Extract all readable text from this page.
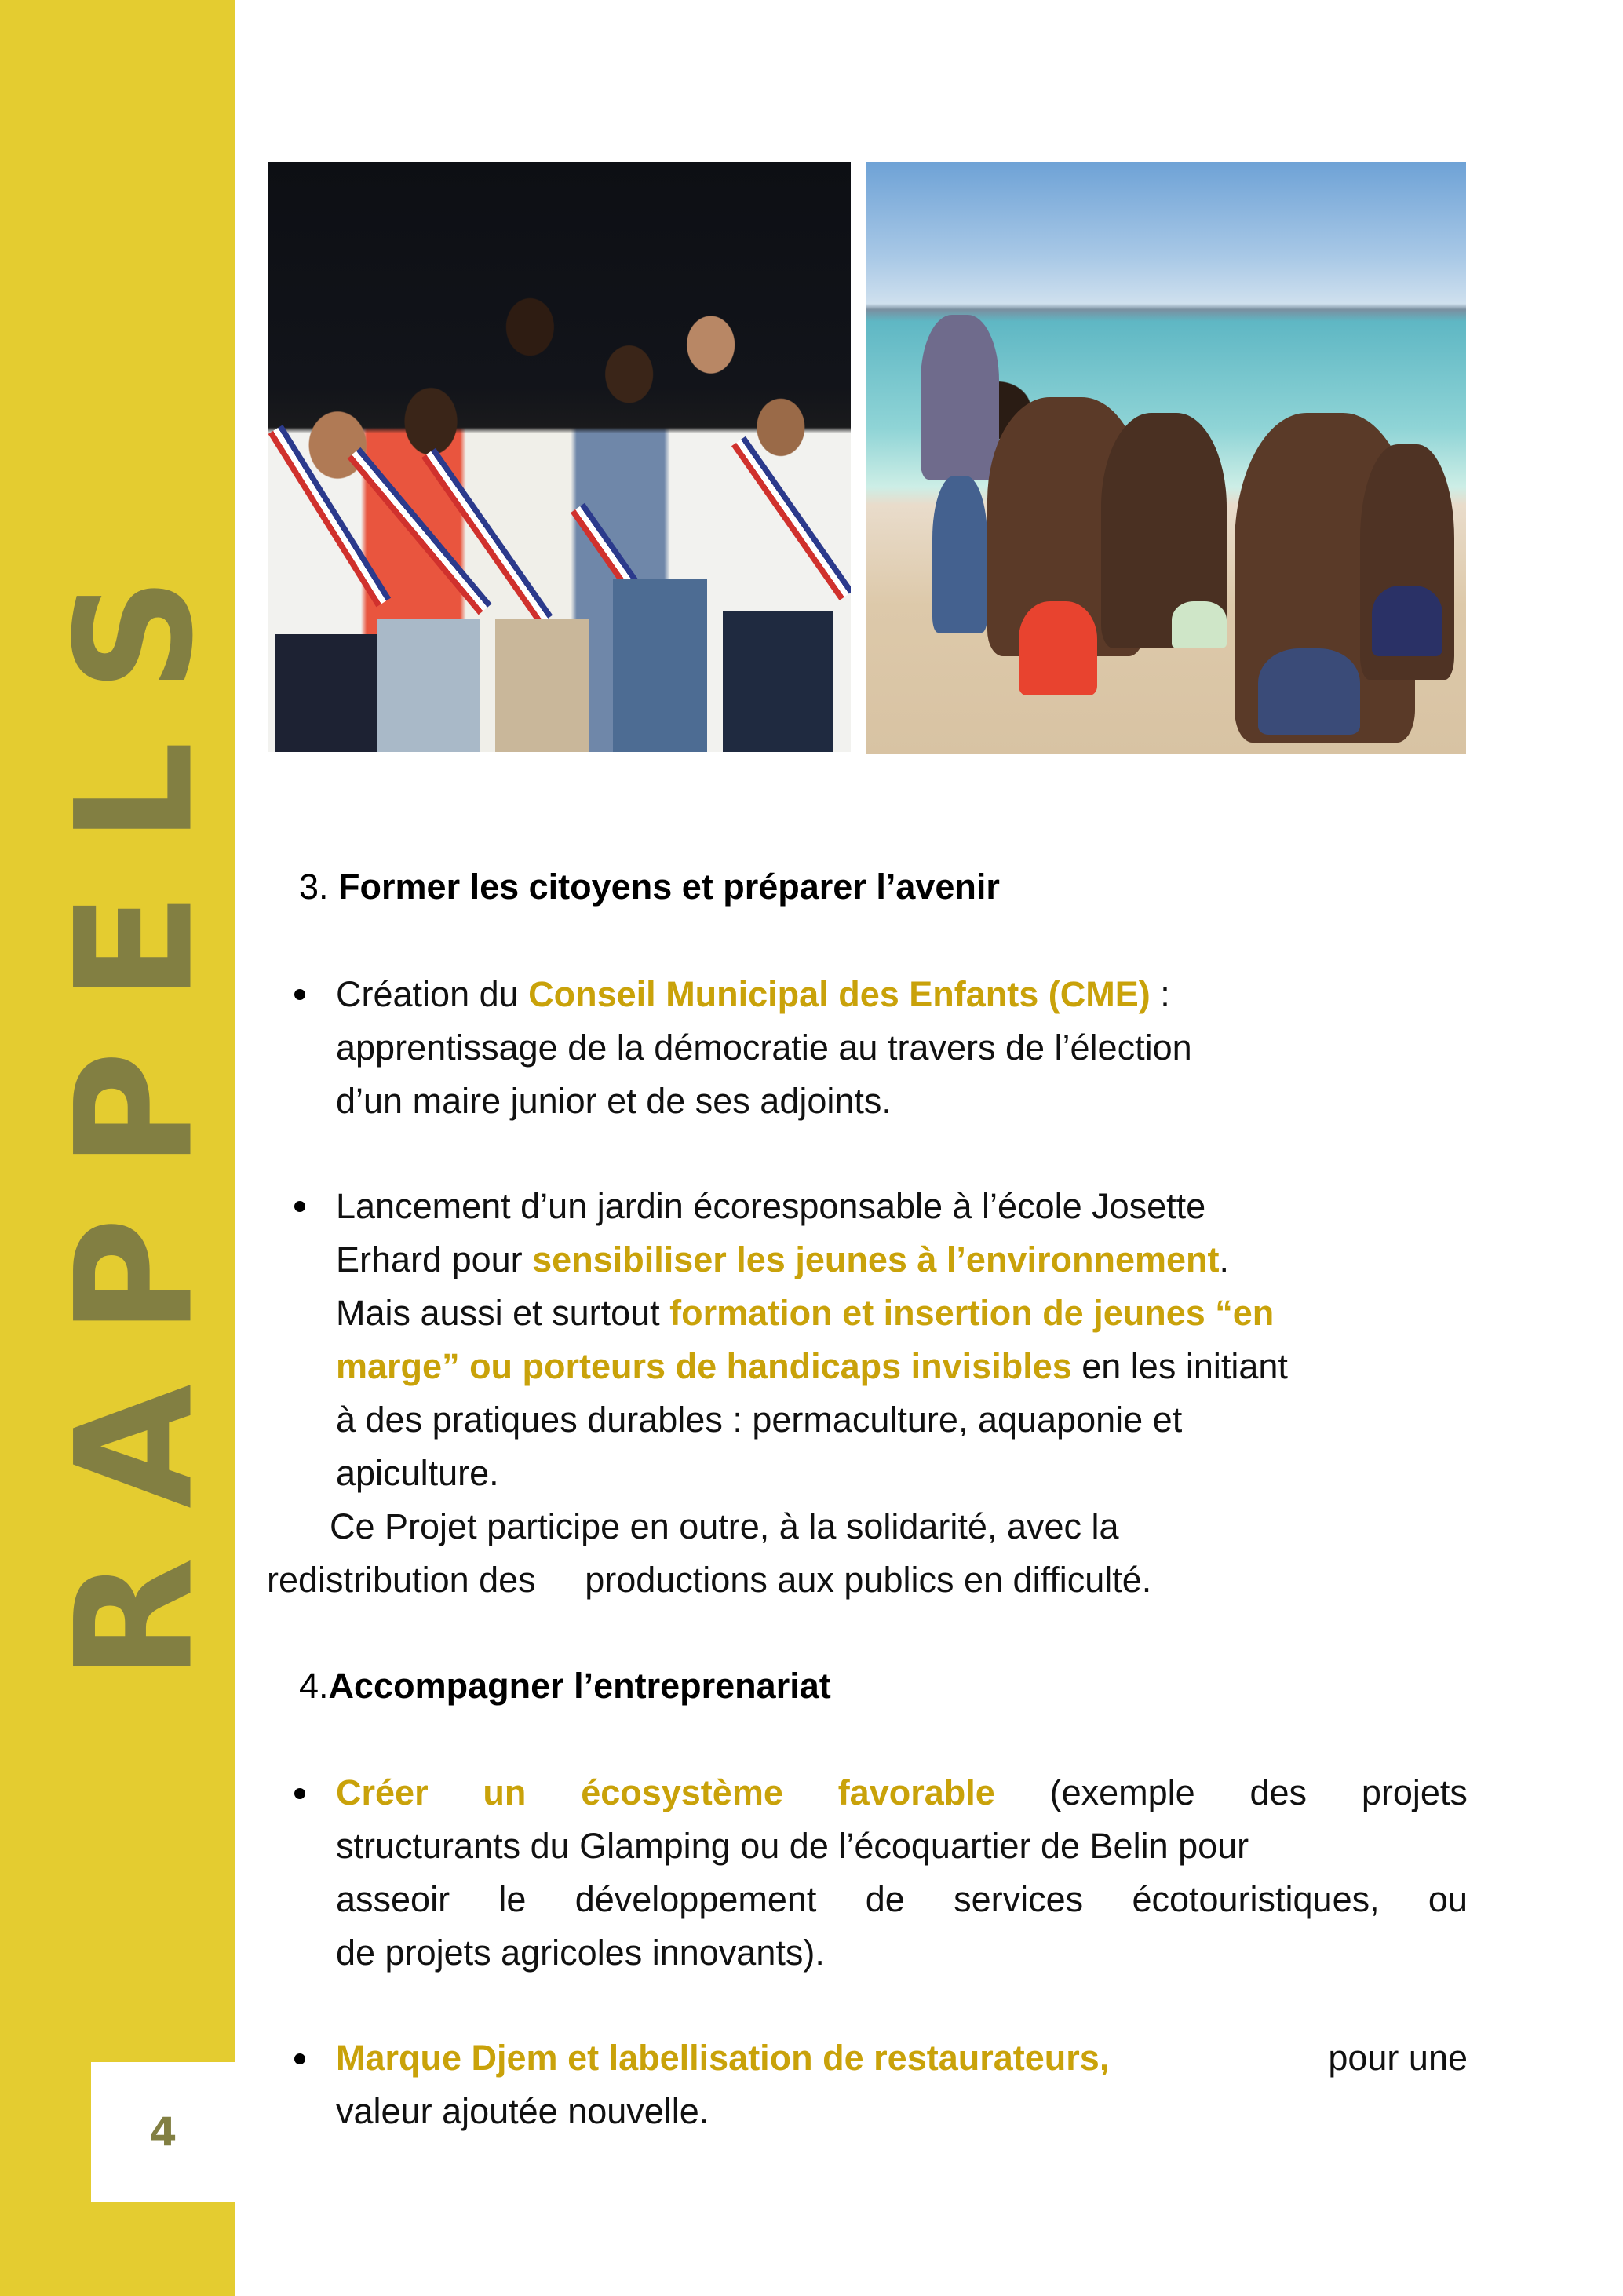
RAPPELS
4
3. Former les citoyens et préparer l’avenir
Création du Conseil Municipal des Enfants (CME) :
apprentissage de la démocratie au travers de l’élection
d’un maire junior et de ses adjoints.
Lancement d’un jardin écoresponsable à l’école Josette
Erhard pour sensibiliser les jeunes à l’environnement.
Mais aussi et surtout formation et insertion de jeunes “en
marge” ou porteurs de handicaps invisibles en les initiant
à des pratiques durables : permaculture, aquaponie et
apiculture.
Ce Projet participe en outre, à la solidarité, avec la
redistribution des     productions aux publics en difficulté.
4.Accompagner l’entreprenariat
Créer un écosystème favorable (exemple des projets
structurants du Glamping ou de l’écoquartier de Belin pour
asseoir le développement de services écotouristiques, ou
de projets agricoles innovants).
Marque Djem et labellisation de restaurateurs,	pour une
valeur ajoutée nouvelle.
